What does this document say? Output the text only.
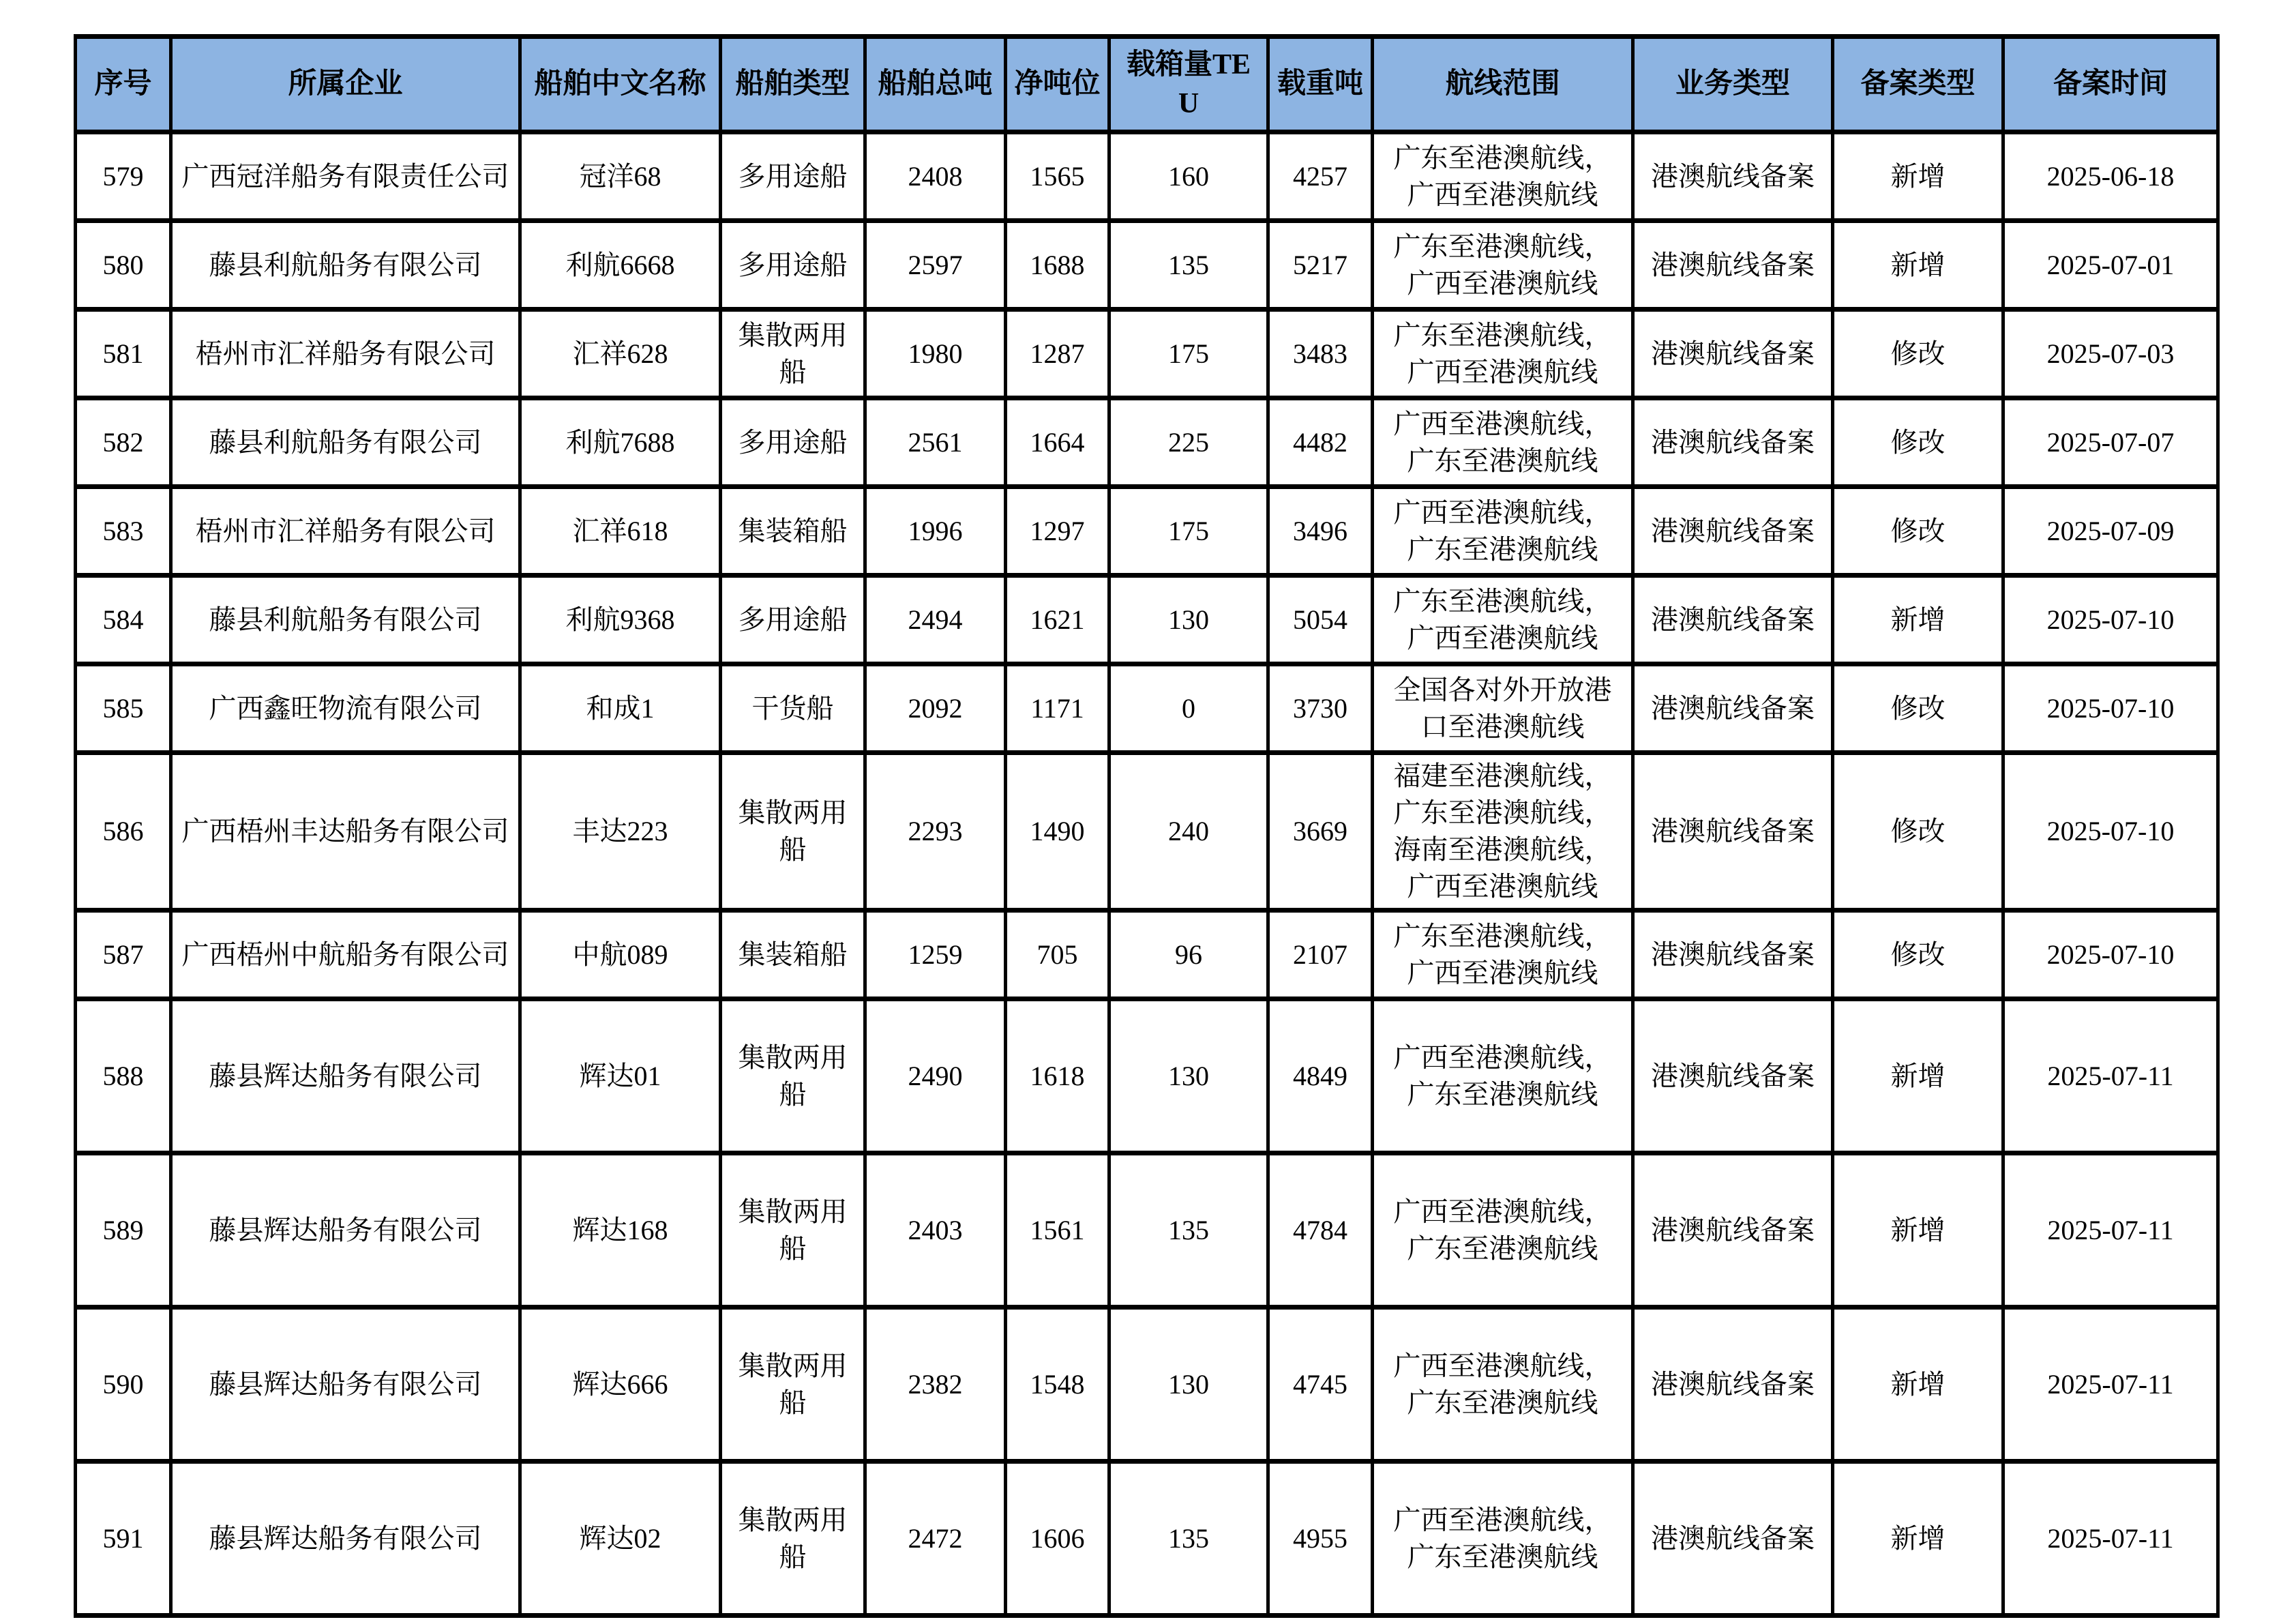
序号	所属企业	船舶中文名称	船舶类型	船舶总吨	净吨位	载箱量TEU	载重吨	航线范围	业务类型	备案类型	备案时间
579	广西冠洋船务有限责任公司	冠洋68	多用途船	2408	1565	160	4257	广东至港澳航线，广西至港澳航线	港澳航线备案	新增	2025-06-18
580	藤县利航船务有限公司	利航6668	多用途船	2597	1688	135	5217	广东至港澳航线，广西至港澳航线	港澳航线备案	新增	2025-07-01
581	梧州市汇祥船务有限公司	汇祥628	集散两用船	1980	1287	175	3483	广东至港澳航线，广西至港澳航线	港澳航线备案	修改	2025-07-03
582	藤县利航船务有限公司	利航7688	多用途船	2561	1664	225	4482	广西至港澳航线，广东至港澳航线	港澳航线备案	修改	2025-07-07
583	梧州市汇祥船务有限公司	汇祥618	集装箱船	1996	1297	175	3496	广西至港澳航线，广东至港澳航线	港澳航线备案	修改	2025-07-09
584	藤县利航船务有限公司	利航9368	多用途船	2494	1621	130	5054	广东至港澳航线，广西至港澳航线	港澳航线备案	新增	2025-07-10
585	广西鑫旺物流有限公司	和成1	干货船	2092	1171	0	3730	全国各对外开放港口至港澳航线	港澳航线备案	修改	2025-07-10
586	广西梧州丰达船务有限公司	丰达223	集散两用船	2293	1490	240	3669	福建至港澳航线，广东至港澳航线，海南至港澳航线，广西至港澳航线	港澳航线备案	修改	2025-07-10
587	广西梧州中航船务有限公司	中航089	集装箱船	1259	705	96	2107	广东至港澳航线，广西至港澳航线	港澳航线备案	修改	2025-07-10
588	藤县辉达船务有限公司	辉达01	集散两用船	2490	1618	130	4849	广西至港澳航线，广东至港澳航线	港澳航线备案	新增	2025-07-11
589	藤县辉达船务有限公司	辉达168	集散两用船	2403	1561	135	4784	广西至港澳航线，广东至港澳航线	港澳航线备案	新增	2025-07-11
590	藤县辉达船务有限公司	辉达666	集散两用船	2382	1548	130	4745	广西至港澳航线，广东至港澳航线	港澳航线备案	新增	2025-07-11
591	藤县辉达船务有限公司	辉达02	集散两用船	2472	1606	135	4955	广西至港澳航线，广东至港澳航线	港澳航线备案	新增	2025-07-11
